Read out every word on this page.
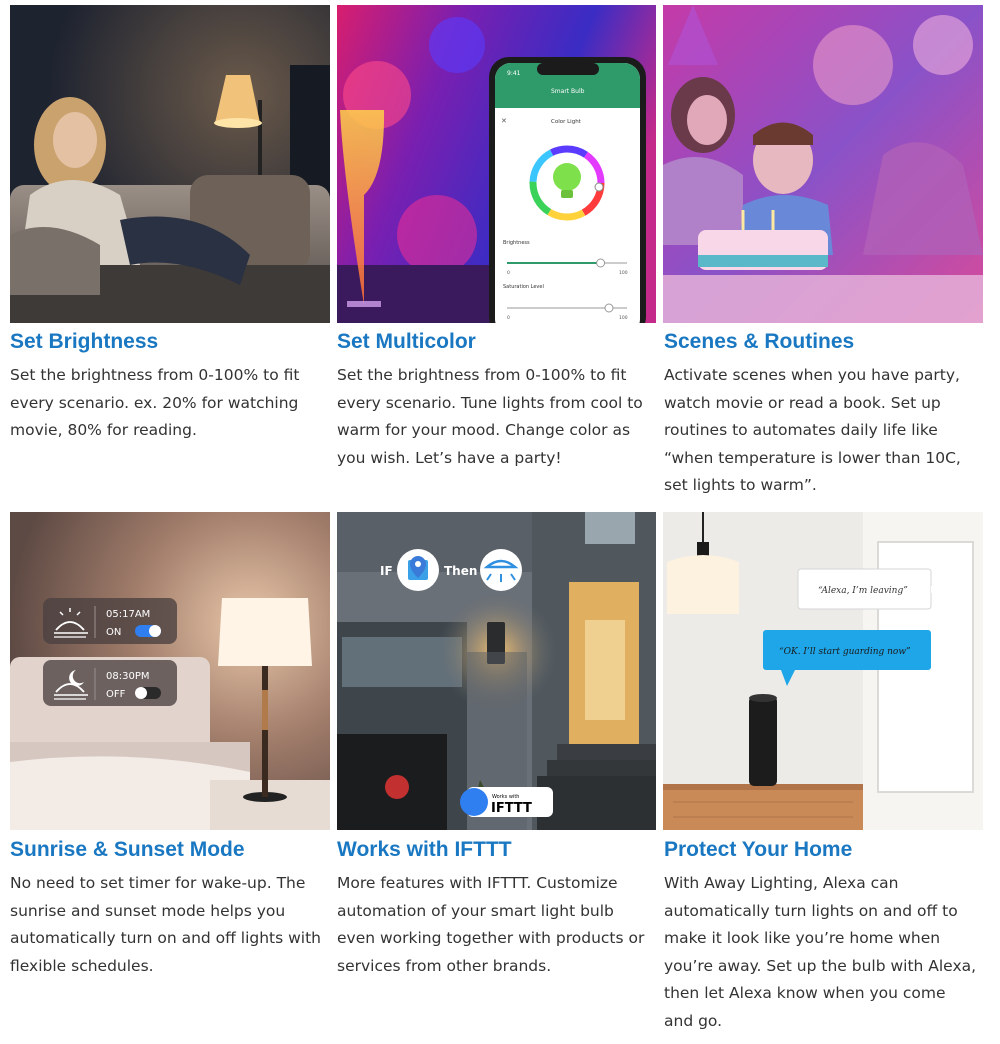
Set Brightness
Set the brightness from 0-100% to fit
every scenario. ex. 20% for watching
movie, 80% for reading.
9:41
Smart Bulb
✕	Color Light
Brightness
0	100
Saturation Level
0	100
Set Multicolor
Set the brightness from 0-100% to fit
every scenario. Tune lights from cool to
warm for your mood. Change color as
you wish. Let’s have a party!
Scenes & Routines
Activate scenes when you have party,
watch movie or read a book. Set up
routines to automates daily life like
“when temperature is lower than 10C,
set lights to warm”.
05:17AM
ON
08:30PM
OFF
Sunrise & Sunset Mode
No need to set timer for wake-up. The
sunrise and sunset mode helps you
automatically turn on and off lights with
flexible schedules.
IF	Then
Works with
IFTTT
Works with IFTTT
More features with IFTTT. Customize
automation of your smart light bulb
even working together with products or
services from other brands.
“Alexa, I’m leaving”
“OK. I’ll start guarding now”
Protect Your Home
With Away Lighting, Alexa can
automatically turn lights on and off to
make it look like you’re home when
you’re away. Set up the bulb with Alexa,
then let Alexa know when you come
and go.
